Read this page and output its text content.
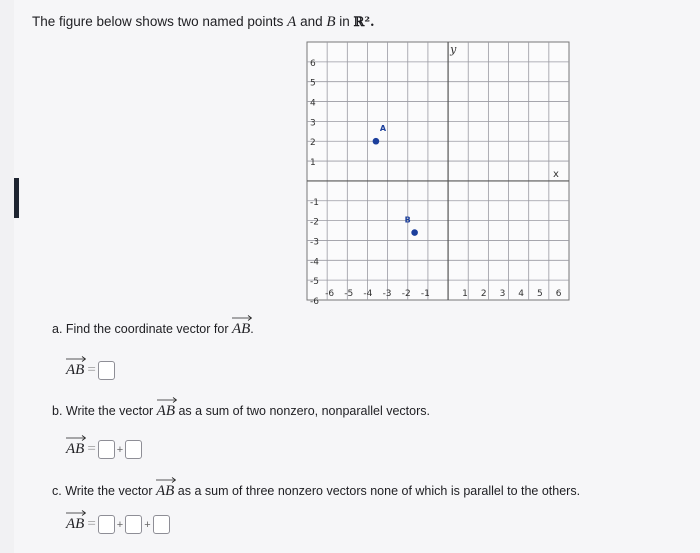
The figure below shows two named points A and B in ℝ².
6
5
4
3
2
1
-1
-2
-3
-4
-5
-6
-6 -5 -4 -3 -2 -1	1 2 3 4 5 6
y
x
A
B
a. Find the coordinate vector for AB
.
AB =
b. Write the vector AB
as a sum of two nonzero, nonparallel vectors.
AB = +
c. Write the vector AB
as a sum of three nonzero vectors none of which is parallel to the others.
AB = + +
